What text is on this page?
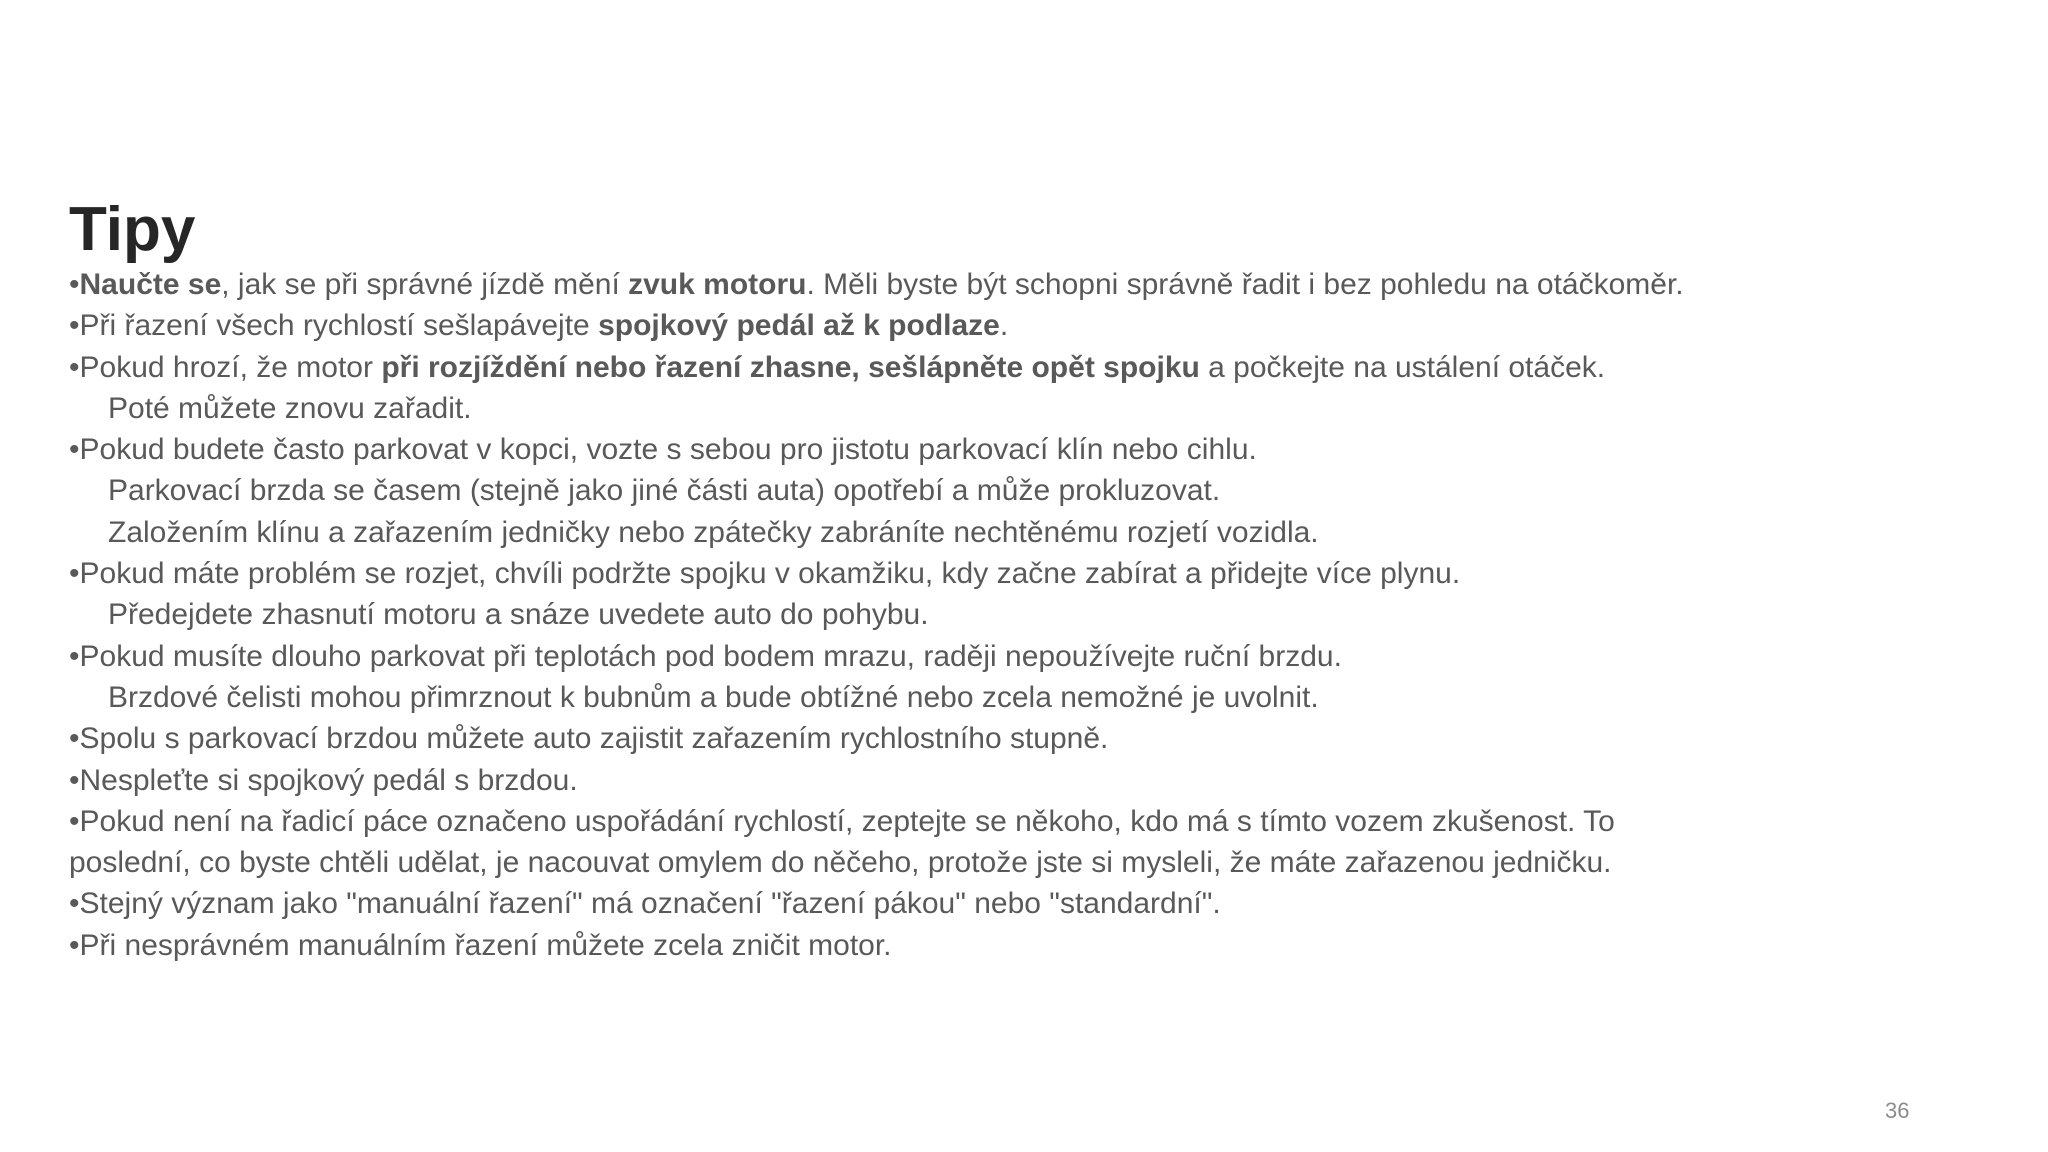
Tipy
•Naučte se, jak se při správné jízdě mění zvuk motoru. Měli byste být schopni správně řadit i bez pohledu na otáčkoměr.
•Při řazení všech rychlostí sešlapávejte spojkový pedál až k podlaze.
•Pokud hrozí, že motor při rozjíždění nebo řazení zhasne, sešlápněte opět spojku a počkejte na ustálení otáček.
Poté můžete znovu zařadit.
•Pokud budete často parkovat v kopci, vozte s sebou pro jistotu parkovací klín nebo cihlu.
Parkovací brzda se časem (stejně jako jiné části auta) opotřebí a může prokluzovat.
Založením klínu a zařazením jedničky nebo zpátečky zabráníte nechtěnému rozjetí vozidla.
•Pokud máte problém se rozjet, chvíli podržte spojku v okamžiku, kdy začne zabírat a přidejte více plynu.
Předejdete zhasnutí motoru a snáze uvedete auto do pohybu.
•Pokud musíte dlouho parkovat při teplotách pod bodem mrazu, raději nepoužívejte ruční brzdu.
Brzdové čelisti mohou přimrznout k bubnům a bude obtížné nebo zcela nemožné je uvolnit.
•Spolu s parkovací brzdou můžete auto zajistit zařazením rychlostního stupně.
•Nespleťte si spojkový pedál s brzdou.
•Pokud není na řadicí páce označeno uspořádání rychlostí, zeptejte se někoho, kdo má s tímto vozem zkušenost. To
poslední, co byste chtěli udělat, je nacouvat omylem do něčeho, protože jste si mysleli, že máte zařazenou jedničku.
•Stejný význam jako "manuální řazení" má označení "řazení pákou" nebo "standardní".
•Při nesprávném manuálním řazení můžete zcela zničit motor.
36
